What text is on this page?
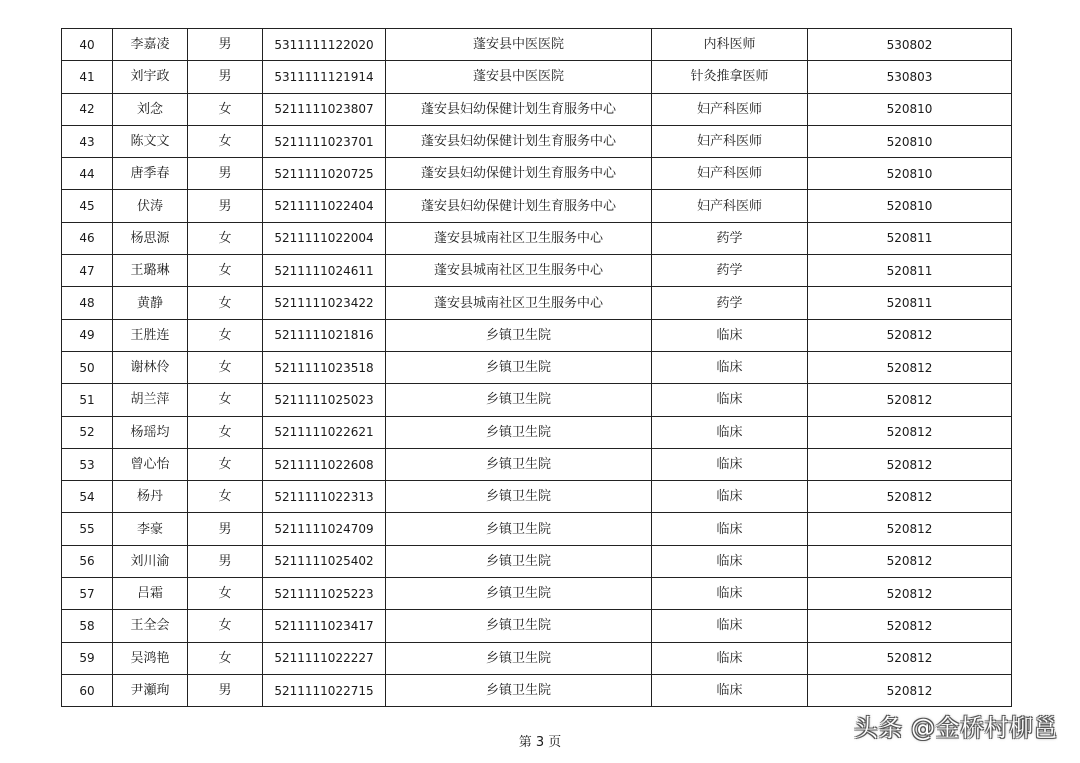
40	李嘉凌	男	5311111122020	蓬安县中医医院	内科医师	530802
41	刘宇政	男	5311111121914	蓬安县中医医院	针灸推拿医师	530803
42	刘念	女	5211111023807	蓬安县妇幼保健计划生育服务中心	妇产科医师	520810
43	陈文文	女	5211111023701	蓬安县妇幼保健计划生育服务中心	妇产科医师	520810
44	唐季春	男	5211111020725	蓬安县妇幼保健计划生育服务中心	妇产科医师	520810
45	伏涛	男	5211111022404	蓬安县妇幼保健计划生育服务中心	妇产科医师	520810
46	杨思源	女	5211111022004	蓬安县城南社区卫生服务中心	药学	520811
47	王璐琳	女	5211111024611	蓬安县城南社区卫生服务中心	药学	520811
48	黄静	女	5211111023422	蓬安县城南社区卫生服务中心	药学	520811
49	王胜连	女	5211111021816	乡镇卫生院	临床	520812
50	谢林伶	女	5211111023518	乡镇卫生院	临床	520812
51	胡兰萍	女	5211111025023	乡镇卫生院	临床	520812
52	杨瑶均	女	5211111022621	乡镇卫生院	临床	520812
53	曾心怡	女	5211111022608	乡镇卫生院	临床	520812
54	杨丹	女	5211111022313	乡镇卫生院	临床	520812
55	李豪	男	5211111024709	乡镇卫生院	临床	520812
56	刘川渝	男	5211111025402	乡镇卫生院	临床	520812
57	吕霜	女	5211111025223	乡镇卫生院	临床	520812
58	王全会	女	5211111023417	乡镇卫生院	临床	520812
59	吴鸿艳	女	5211111022227	乡镇卫生院	临床	520812
60	尹瀬珣	男	5211111022715	乡镇卫生院	临床	520812
第 3 页
头条 @金桥村柳邕
